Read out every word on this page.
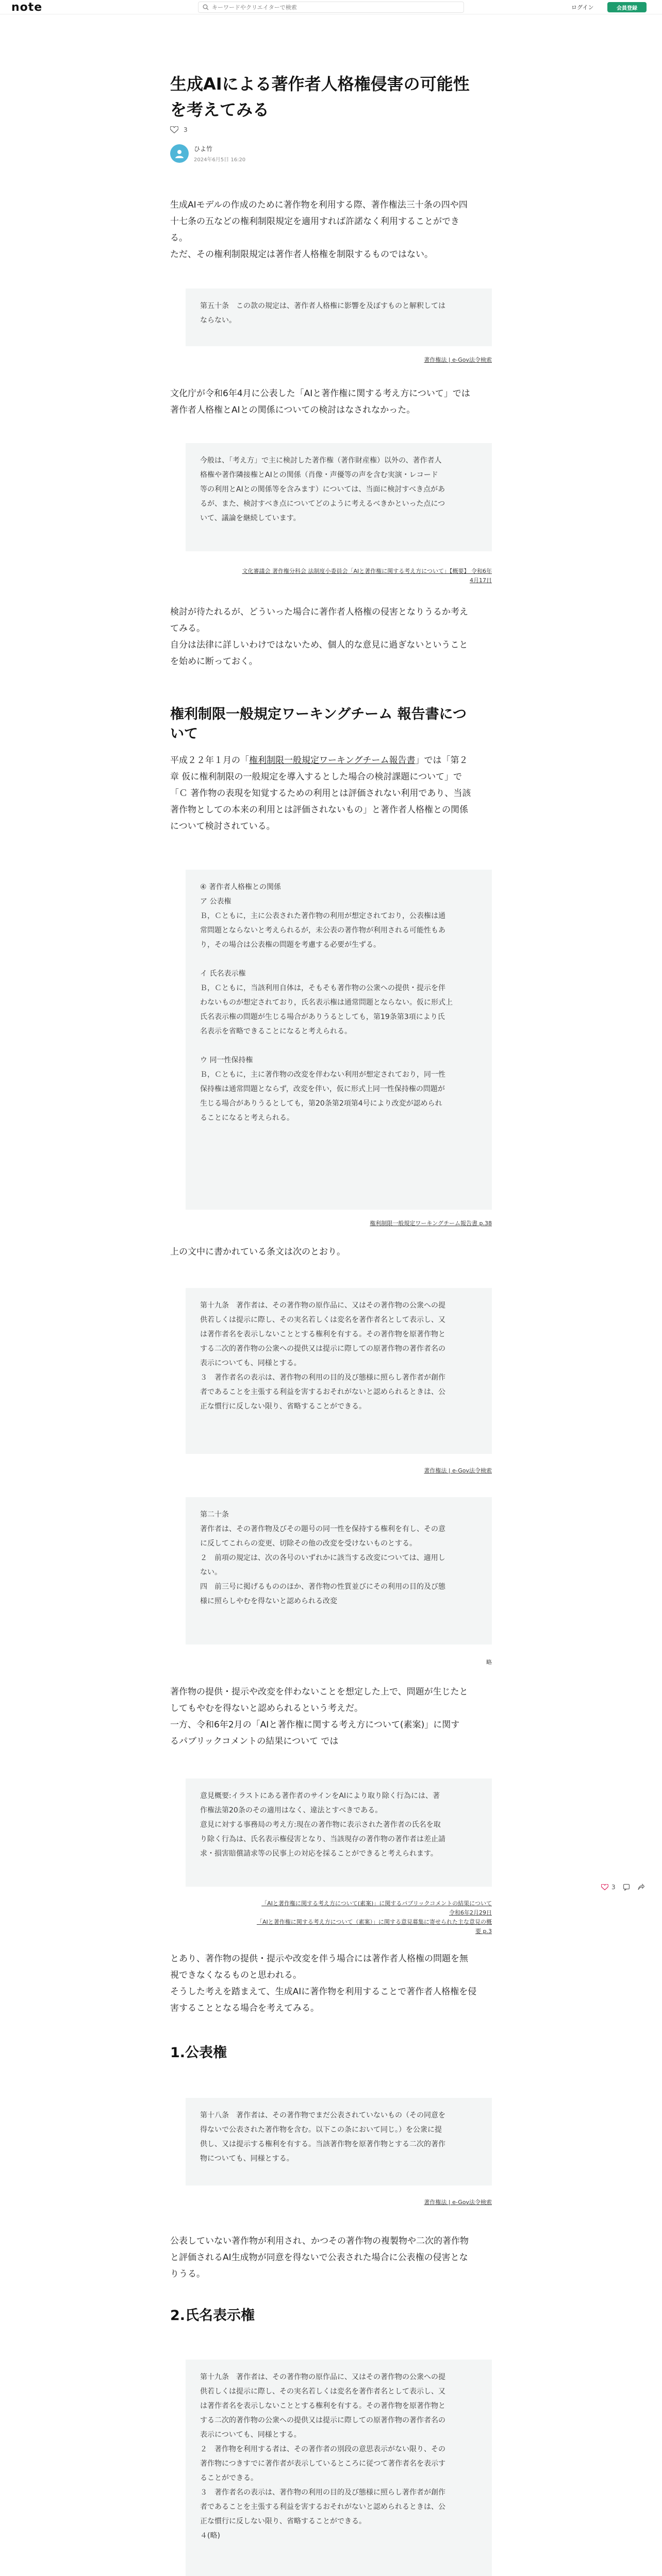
note
キーワードやクリエイターで検索	ログイン	会員登録
生成AIによる著作者人格権侵害の可能性
を考えてみる
3
ひよ竹
2024年6月5日 16:20
生成AIモデルの作成のために著作物を利用する際、著作権法三十条の四や四
十七条の五などの権利制限規定を適用すれば許諾なく利用することができ
る。
ただ、その権利制限規定は著作者人格権を制限するものではない。
第五十条　この款の規定は、著作者人格権に影響を及ぼすものと解釈しては
ならない。
著作権法 | e-Gov法令検索
文化庁が令和6年4月に公表した「AIと著作権に関する考え方について」では
著作者人格権とAIとの関係についての検討はなされなかった。
今般は、「考え方」で主に検討した著作権（著作財産権）以外の、著作者人
格権や著作隣接権とAIとの関係（肖像・声優等の声を含む実演・レコード
等の利用とAIとの関係等を含みます）については、当面に検討すべき点があ
るが、また、検討すべき点についてどのように考えるべきかといった点につ
いて、議論を継続しています。
文化審議会 著作権分科会 法制度小委員会「AIと著作権に関する考え方について」【概要】 令和6年
4月17日
検討が待たれるが、どういった場合に著作者人格権の侵害となりうるか考え
てみる。
自分は法律に詳しいわけではないため、個人的な意見に過ぎないということ
を始めに断っておく。
権利制限一般規定ワーキングチーム 報告書につ
いて
平成２２年１月の「権利制限一般規定ワーキングチーム報告書」では「第２
章 仮に権利制限の一般規定を導入するとした場合の検討課題について」で
「Ｃ 著作物の表現を知覚するための利用とは評価されない利用であり、当該
著作物としての本来の利用とは評価されないもの」と著作者人格権との関係
について検討されている。
④ 著作者人格権との関係
ア 公表権
Ｂ，Ｃともに，主に公表された著作物の利用が想定されており，公表権は通
常問題とならないと考えられるが，未公表の著作物が利用される可能性もあ
り，その場合は公表権の問題を考慮する必要が生ずる。

イ 氏名表示権
Ｂ，Ｃともに，当該利用自体は，そもそも著作物の公衆への提供・提示を伴
わないものが想定されており，氏名表示権は通常問題とならない。仮に形式上
氏名表示権の問題が生じる場合がありうるとしても，第19条第3項により氏
名表示を省略できることになると考えられる。

ウ 同一性保持権
Ｂ，Ｃともに，主に著作物の改変を伴わない利用が想定されており，同一性
保持権は通常問題とならず，改変を伴い，仮に形式上同一性保持権の問題が
生じる場合がありうるとしても，第20条第2項第4号により改変が認められ
ることになると考えられる。
権利制限一般規定ワーキングチーム報告書 p.38
上の文中に書かれている条文は次のとおり。
第十九条　著作者は、その著作物の原作品に、又はその著作物の公衆への提
供若しくは提示に際し、その実名若しくは変名を著作者名として表示し、又
は著作者名を表示しないこととする権利を有する。その著作物を原著作物と
する二次的著作物の公衆への提供又は提示に際しての原著作物の著作者名の
表示についても、同様とする。
３　著作者名の表示は、著作物の利用の目的及び態様に照らし著作者が創作
者であることを主張する利益を害するおそれがないと認められるときは、公
正な慣行に反しない限り、省略することができる。
著作権法 | e-Gov法令検索
第二十条
著作者は、その著作物及びその題号の同一性を保持する権利を有し、その意
に反してこれらの変更、切除その他の改変を受けないものとする。
２　前項の規定は、次の各号のいずれかに該当する改変については、適用し
ない。
四　前三号に掲げるもののほか、著作物の性質並びにその利用の目的及び態
様に照らしやむを得ないと認められる改変
略
著作物の提供・提示や改変を伴わないことを想定した上で、問題が生じたと
してもやむを得ないと認められるという考えだ。
一方、令和6年2月の「AIと著作権に関する考え方について(素案)」に関す
るパブリックコメントの結果について では
意見概要:イラストにある著作者のサインをAIにより取り除く行為には、著
作権法第20条のその適用はなく、違法とすべきである。
意見に対する事務局の考え方:現在の著作物に表示された著作者の氏名を取
り除く行為は、氏名表示権侵害となり、当該現存の著作物の著作者は差止請
求・損害賠償請求等の民事上の対応を採ることができると考えられます。
「AIと著作権に関する考え方について(素案)」に関するパブリックコメントの結果について
令和6年2月29日
「AIと著作権に関する考え方について（素案）」に関する意見募集に寄せられた主な意見の概
要 p.3
とあり、著作物の提供・提示や改変を伴う場合には著作者人格権の問題を無
視できなくなるものと思われる。
そうした考えを踏まえて、生成AIに著作物を利用することで著作者人格権を侵
害することとなる場合を考えてみる。
1.公表権
第十八条　著作者は、その著作物でまだ公表されていないもの（その同意を
得ないで公表された著作物を含む。以下この条において同じ。）を公衆に提
供し、又は提示する権利を有する。当該著作物を原著作物とする二次的著作
物についても、同様とする。
著作権法 | e-Gov法令検索
公表していない著作物が利用され、かつその著作物の複製物や二次的著作物
と評価されるAI生成物が同意を得ないで公表された場合に公表権の侵害とな
りうる。
2.氏名表示権
第十九条　著作者は、その著作物の原作品に、又はその著作物の公衆への提
供若しくは提示に際し、その実名若しくは変名を著作者名として表示し、又
は著作者名を表示しないこととする権利を有する。その著作物を原著作物と
する二次的著作物の公衆への提供又は提示に際しての原著作物の著作者名の
表示についても、同様とする。
２　著作物を利用する者は、その著作者の別段の意思表示がない限り、その
著作物につきすでに著作者が表示しているところに従つて著作者名を表示す
ることができる。
３　著作者名の表示は、著作物の利用の目的及び態様に照らし著作者が創作
者であることを主張する利益を害するおそれがないと認められるときは、公
正な慣行に反しない限り、省略することができる。
４(略)
3
